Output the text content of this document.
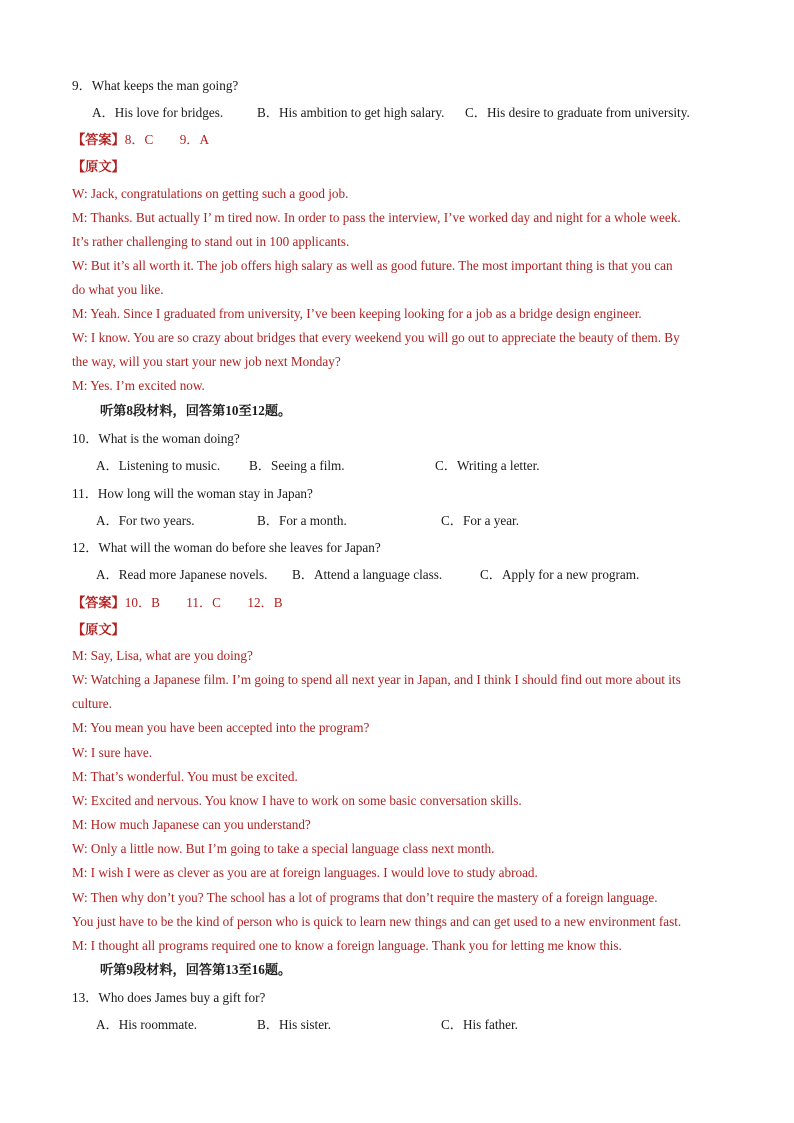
9．What keeps the man going?
A．His love for bridges.	B．His ambition to get high salary. C．His desire to graduate from university.
【答案】8．C　　9．A
【原文】
W: Jack, congratulations on getting such a good job.
M: Thanks. But actually I’ m tired now. In order to pass the interview, I’ve worked day and night for a whole week.
It’s rather challenging to stand out in 100 applicants.
W: But it’s all worth it. The job offers high salary as well as good future. The most important thing is that you can
do what you like.
M: Yeah. Since I graduated from university, I’ve been keeping looking for a job as a bridge design engineer.
W: I know. You are so crazy about bridges that every weekend you will go out to appreciate the beauty of them. By
the way, will you start your new job next Monday?
M: Yes. I’m excited now.
听第8段材料，回答第10至12题。
10．What is the woman doing?
A．Listening to music. B．Seeing a film.	C．Writing a letter.
11．How long will the woman stay in Japan?
A．For two years.	B．For a month.	C．For a year.
12．What will the woman do before she leaves for Japan?
A．Read more Japanese novels. B．Attend a language class.	C．Apply for a new program.
【答案】10．B　　11．C　　12．B
【原文】
M: Say, Lisa, what are you doing?
W: Watching a Japanese film. I’m going to spend all next year in Japan, and I think I should find out more about its
culture.
M: You mean you have been accepted into the program?
W: I sure have.
M: That’s wonderful. You must be excited.
W: Excited and nervous. You know I have to work on some basic conversation skills.
M: How much Japanese can you understand?
W: Only a little now. But I’m going to take a special language class next month.
M: I wish I were as clever as you are at foreign languages. I would love to study abroad.
W: Then why don’t you? The school has a lot of programs that don’t require the mastery of a foreign language.
You just have to be the kind of person who is quick to learn new things and can get used to a new environment fast.
M: I thought all programs required one to know a foreign language. Thank you for letting me know this.
听第9段材料，回答第13至16题。
13．Who does James buy a gift for?
A．His roommate.	B．His sister.	C．His father.
